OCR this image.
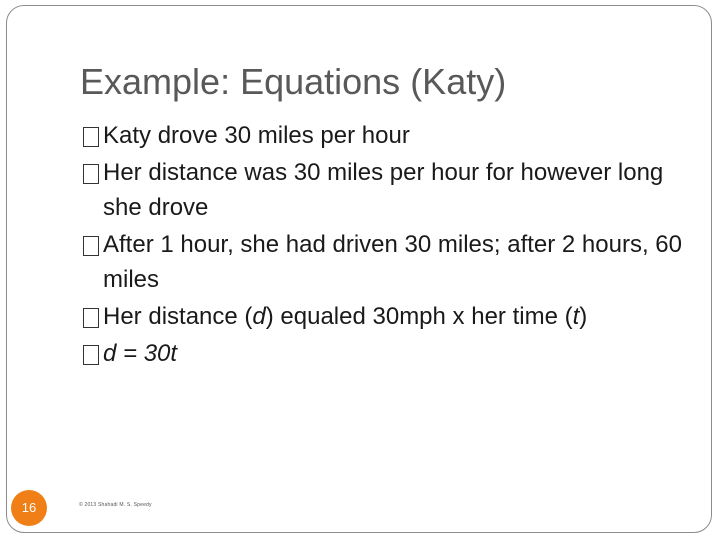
Example: Equations (Katy)
Katy drove 30 miles per hour
Her distance was 30 miles per hour for however long she drove
After 1 hour, she had driven 30 miles; after 2 hours, 60 miles
Her distance (d) equaled 30mph x her time (t)
d = 30t
16	© 2013 Shahadi M. S. Speedy
